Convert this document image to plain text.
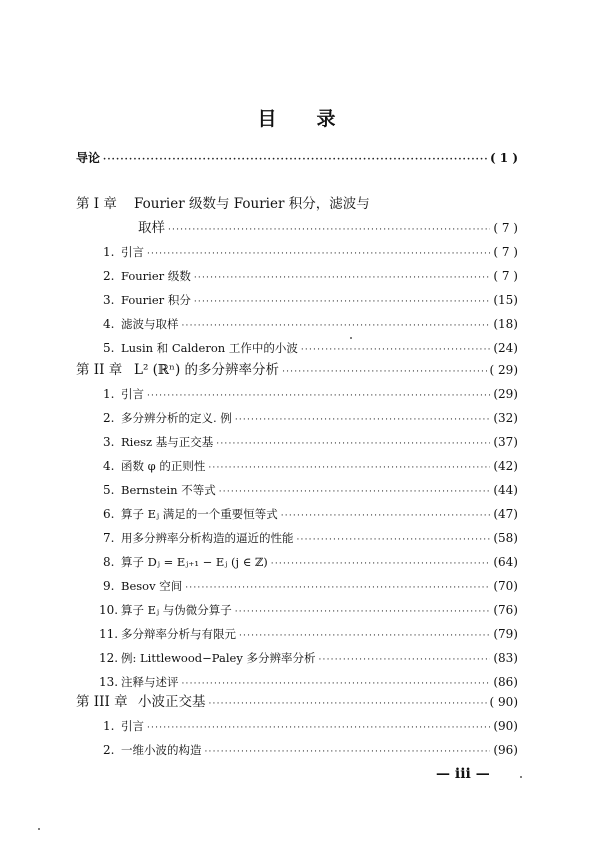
目 录
导论 ·····	( 1 )
第 I 章	Fourier 级数与 Fourier 积分，滤波与
取样 ·····	( 7 )
1. 引言 ·····	( 7 )
2. Fourier 级数 ·····	( 7 )
3. Fourier 积分 ·····	(15)
4. 滤波与取样 ·····	(18)
5. Lusin 和 Calderon 工作中的小波 ·····	(24)
第 II 章 L² (ℝⁿ) 的多分辨率分析 ·····	( 29)
1. 引言 ·····	(29)
2. 多分辨分析的定义. 例 ·····	(32)
3. Riesz 基与正交基 ·····	(37)
4. 函数 φ 的正则性 ·····	(42)
5. Bernstein 不等式 ·····	(44)
6. 算子 Eⱼ 满足的一个重要恒等式 ·····	(47)
7. 用多分辨率分析构造的逼近的性能 ·····	(58)
8. 算子 Dⱼ = Eⱼ₊₁ − Eⱼ (j ∈ ℤ) ·····	(64)
9. Besov 空间 ·····	(70)
10. 算子 Eⱼ 与伪微分算子 ·····	(76)
11. 多分辩率分析与有限元 ·····	(79)
12. 例: Littlewood−Paley 多分辨率分析 ·····	(83)
13. 注释与述评 ·····	(86)
第 III 章 小波正交基 ·····	( 90)
1. 引言 ·····	(90)
2. 一维小波的构造 ·····	(96)
— iii —
